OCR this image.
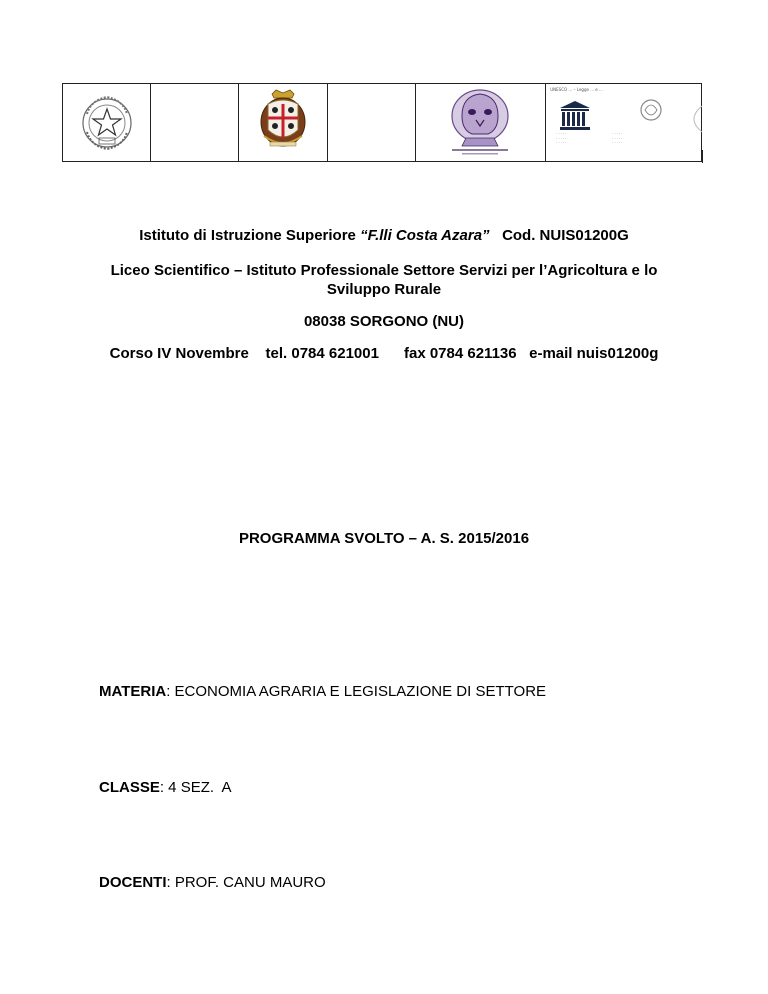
UNESCO ... – Legge ... e ...
· · · · ·
· · · · · ·
· · · · ·
· · · · ·
· · · · · ·
· · · · ·
Istituto di Istruzione Superiore “F.lli Costa Azara” Cod. NUIS01200G
Liceo Scientifico – Istituto Professionale Settore Servizi per l’Agricoltura e lo
Sviluppo Rurale
08038 SORGONO (NU)
Corso IV Novembre tel. 0784 621001 fax 0784 621136 e-mail nuis01200g
PROGRAMMA SVOLTO – A. S. 2015/2016
MATERIA: ECONOMIA AGRARIA E LEGISLAZIONE DI SETTORE
CLASSE: 4 SEZ.  A
DOCENTI: PROF. CANU MAURO
